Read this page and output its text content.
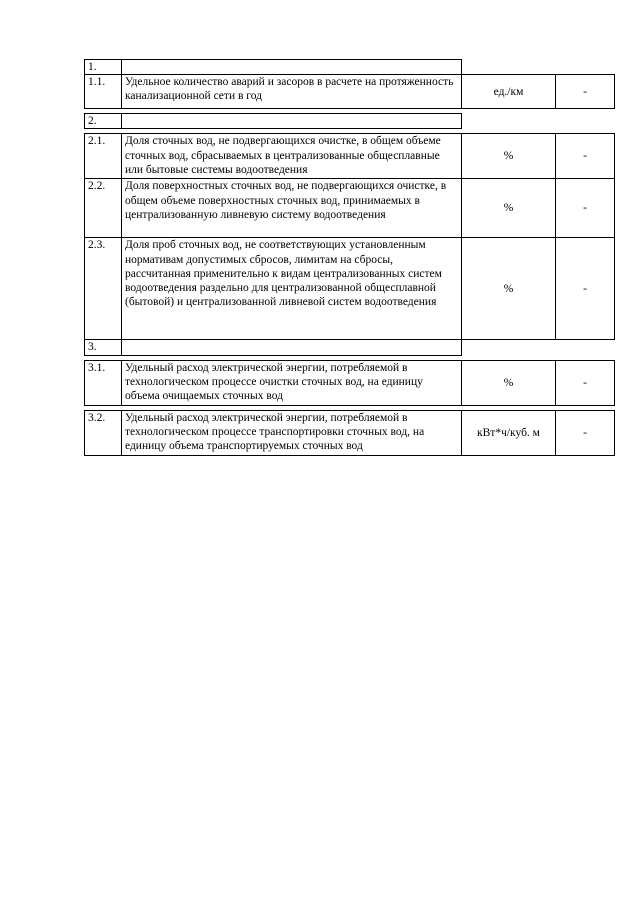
1.			
1.1.	Удельное количество аварий и засоров в расчете на протяженность канализационной сети в год	ед./км	-

2.			

2.1.	Доля сточных вод, не подвергающихся очистке, в общем объеме сточных вод, сбрасываемых в централизованные общесплавные или бытовые системы водоотведения	%	-
2.2.	Доля поверхностных сточных вод, не подвергающихся очистке, в общем объеме поверхностных сточных вод, принимаемых в централизованную ливневую систему водоотведения	%	-
2.3.	Доля проб сточных вод, не соответствующих установленным нормативам допустимых сбросов, лимитам на сбросы, рассчитанная применительно к видам централизованных систем водоотведения раздельно для централизованной общесплавной (бытовой) и централизованной ливневой систем водоотведения	%	-
3.			

3.1.	Удельный расход электрической энергии, потребляемой в технологическом процессе очистки сточных вод, на единицу объема очищаемых сточных вод	%	-

3.2.	Удельный расход электрической энергии, потребляемой в технологическом процессе транспортировки сточных вод, на единицу объема транспортируемых сточных вод	кВт*ч/куб. м	-
